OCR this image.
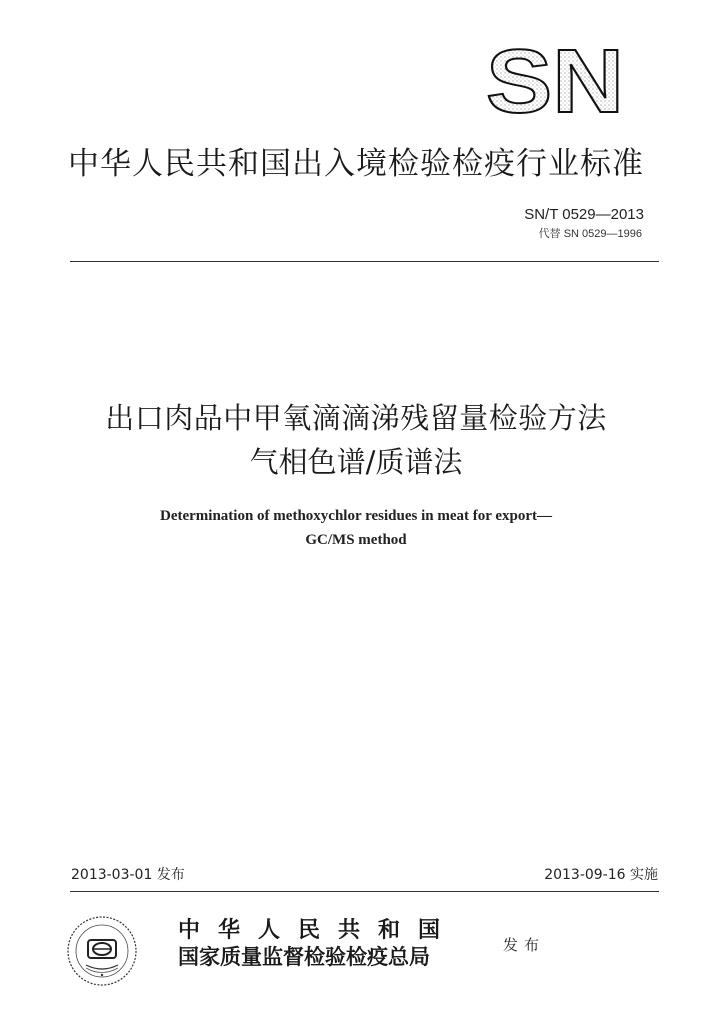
SN
中华人民共和国出入境检验检疫行业标准
SN/T 0529—2013
代替 SN 0529—1996
出口肉品中甲氧滴滴涕残留量检验方法
气相色谱/质谱法
Determination of methoxychlor residues in meat for export—
GC/MS method
2013-03-01 发布	2013-09-16 实施
中华人民共和国
国家质量监督检验检疫总局	发布
